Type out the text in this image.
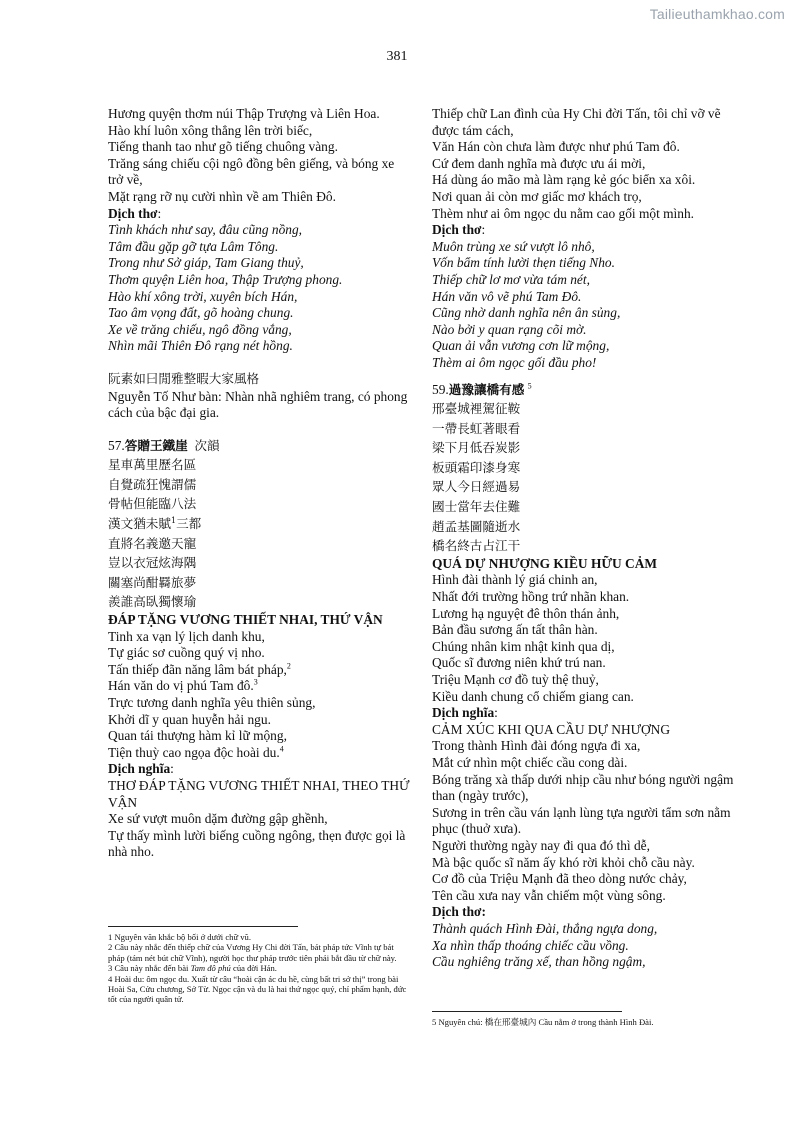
Tailieuthamkhao.com
381
Hương quyện thơm núi Thập Trượng và Liên Hoa.
Hào khí luôn xông thẳng lên trời biếc,
Tiếng thanh tao như gõ tiếng chuông vàng.
Trăng sáng chiếu cội ngô đồng bên giếng, và bóng xe trở về,
Mặt rạng rỡ nụ cười nhìn về am Thiên Đô.
Dịch thơ:
Tình khách như say, đâu cũng nồng,
Tâm đầu gặp gỡ tựa Lâm Tông.
Trong như Sở giáp, Tam Giang thuỷ,
Thơm quyện Liên hoa, Thập Trượng phong.
Hào khí xông trời, xuyên bích Hán,
Tao âm vọng đất, gõ hoàng chung.
Xe về trăng chiếu, ngô đồng vắng,
Nhìn mãi Thiên Đô rạng nét hồng.
阮素如曰閒雅整暇大家風格
Nguyễn Tố Như bàn: Nhàn nhã nghiêm trang, có phong cách của bậc đại gia.
57.答贈王鐵崖 次韻
星車萬里歷名區
自覺疏狂愧謂儒
骨帖但能臨八法
漢文猶未賦$^1$三都
直將名義邀天寵
豈以衣冠炫海隅
關塞尚酣羇旅夢
羨誰高臥獨懷瑜
ĐÁP TẶNG VƯƠNG THIẾT NHAI, THỨ VẬN
Tinh xa vạn lý lịch danh khu,
Tự giác sơ cuồng quý vị nho.
Tấn thiếp đãn năng lâm bát pháp,$^2$
Hán văn do vị phú Tam đô.$^3$
Trực tương danh nghĩa yêu thiên sủng,
Khởi dĩ y quan huyễn hải ngu.
Quan tái thượng hàm kỉ lữ mộng,
Tiện thuỳ cao ngọa độc hoài du.$^4$
Dịch nghĩa:
THƠ ĐÁP TẶNG VƯƠNG THIẾT NHAI, THEO THỨ VẬN
Xe sứ vượt muôn dặm đường gập ghềnh,
Tự thấy mình lười biếng cuồng ngông, thẹn được gọi là nhà nho.
1 Nguyên văn khắc bộ bối ở dưới chữ vũ.
2 Câu này nhắc đến thiếp chữ của Vương Hy Chi đời Tấn, bát pháp tức Vĩnh tự bát pháp (tám nét bút chữ Vĩnh), người học thư pháp trước tiên phải bắt đầu từ chữ này.
3 Câu này nhắc đến bài Tam đô phú của đời Hán.
4 Hoài du: ôm ngọc du. Xuất từ câu “hoài cận ác du hề, cùng bất tri sở thị” trong bài Hoài Sa, Cửu chương, Sở Từ. Ngọc cận và du là hai thứ ngọc quý, chỉ phẩm hạnh, đức tốt của người quân tử.
Thiếp chữ Lan đình của Hy Chi đời Tấn, tôi chỉ vỡ vẽ được tám cách,
Văn Hán còn chưa làm được như phú Tam đô.
Cứ đem danh nghĩa mà được ưu ái mời,
Há dùng áo mão mà làm rạng kẻ góc biển xa xôi.
Nơi quan ải còn mơ giấc mơ khách trọ,
Thèm như ai ôm ngọc du nằm cao gối một mình.
Dịch thơ:
Muôn trùng xe sứ vượt lô nhô,
Vốn bẩm tính lười thẹn tiếng Nho.
Thiếp chữ lơ mơ vừa tám nét,
Hán văn vô vẽ phú Tam Đô.
Cũng nhờ danh nghĩa nên ân sủng,
Nào bởi y quan rạng cõi mờ.
Quan ải vẫn vương cơn lữ mộng,
Thèm ai ôm ngọc gối đầu pho!
59.過豫讓橋有感 $^5$
邢臺城裡駕征鞍
一帶長虹著眼看
梁下月低吞炭影
板頭霜印漆身寒
眾人今日經過易
國士當年去住難
趙孟基圖隨逝水
橋名終古占江干
QUÁ DỰ NHƯỢNG KIỀU HỮU CẢM
Hình đài thành lý giá chinh an,
Nhất đới trường hồng trứ nhãn khan.
Lương hạ nguyệt đê thôn thán ảnh,
Bản đầu sương ấn tất thân hàn.
Chúng nhân kim nhật kinh qua dị,
Quốc sĩ đương niên khứ trú nan.
Triệu Mạnh cơ đồ tuỳ thệ thuỷ,
Kiều danh chung cổ chiếm giang can.
Dịch nghĩa:
CẢM XÚC KHI QUA CẦU DỰ NHƯỢNG
Trong thành Hình đài đóng ngựa đi xa,
Mắt cứ nhìn một chiếc cầu cong dài.
Bóng trăng xà thấp dưới nhịp cầu như bóng người ngậm than (ngày trước),
Sương in trên cầu ván lạnh lùng tựa người tẩm sơn nằm phục (thuở xưa).
Người thường ngày nay đi qua đó thì dễ,
Mà bậc quốc sĩ năm ấy khó rời khỏi chỗ cầu này.
Cơ đồ của Triệu Mạnh đã theo dòng nước chảy,
Tên cầu xưa nay vẫn chiếm một vùng sông.
Dịch thơ:
Thành quách Hình Đài, thắng ngựa dong,
Xa nhìn thấp thoáng chiếc cầu vồng.
Cầu nghiêng trăng xế, than hồng ngậm,
5 Nguyên chú: 橋在邢臺城內 Cầu nằm ở trong thành Hình Đài.
